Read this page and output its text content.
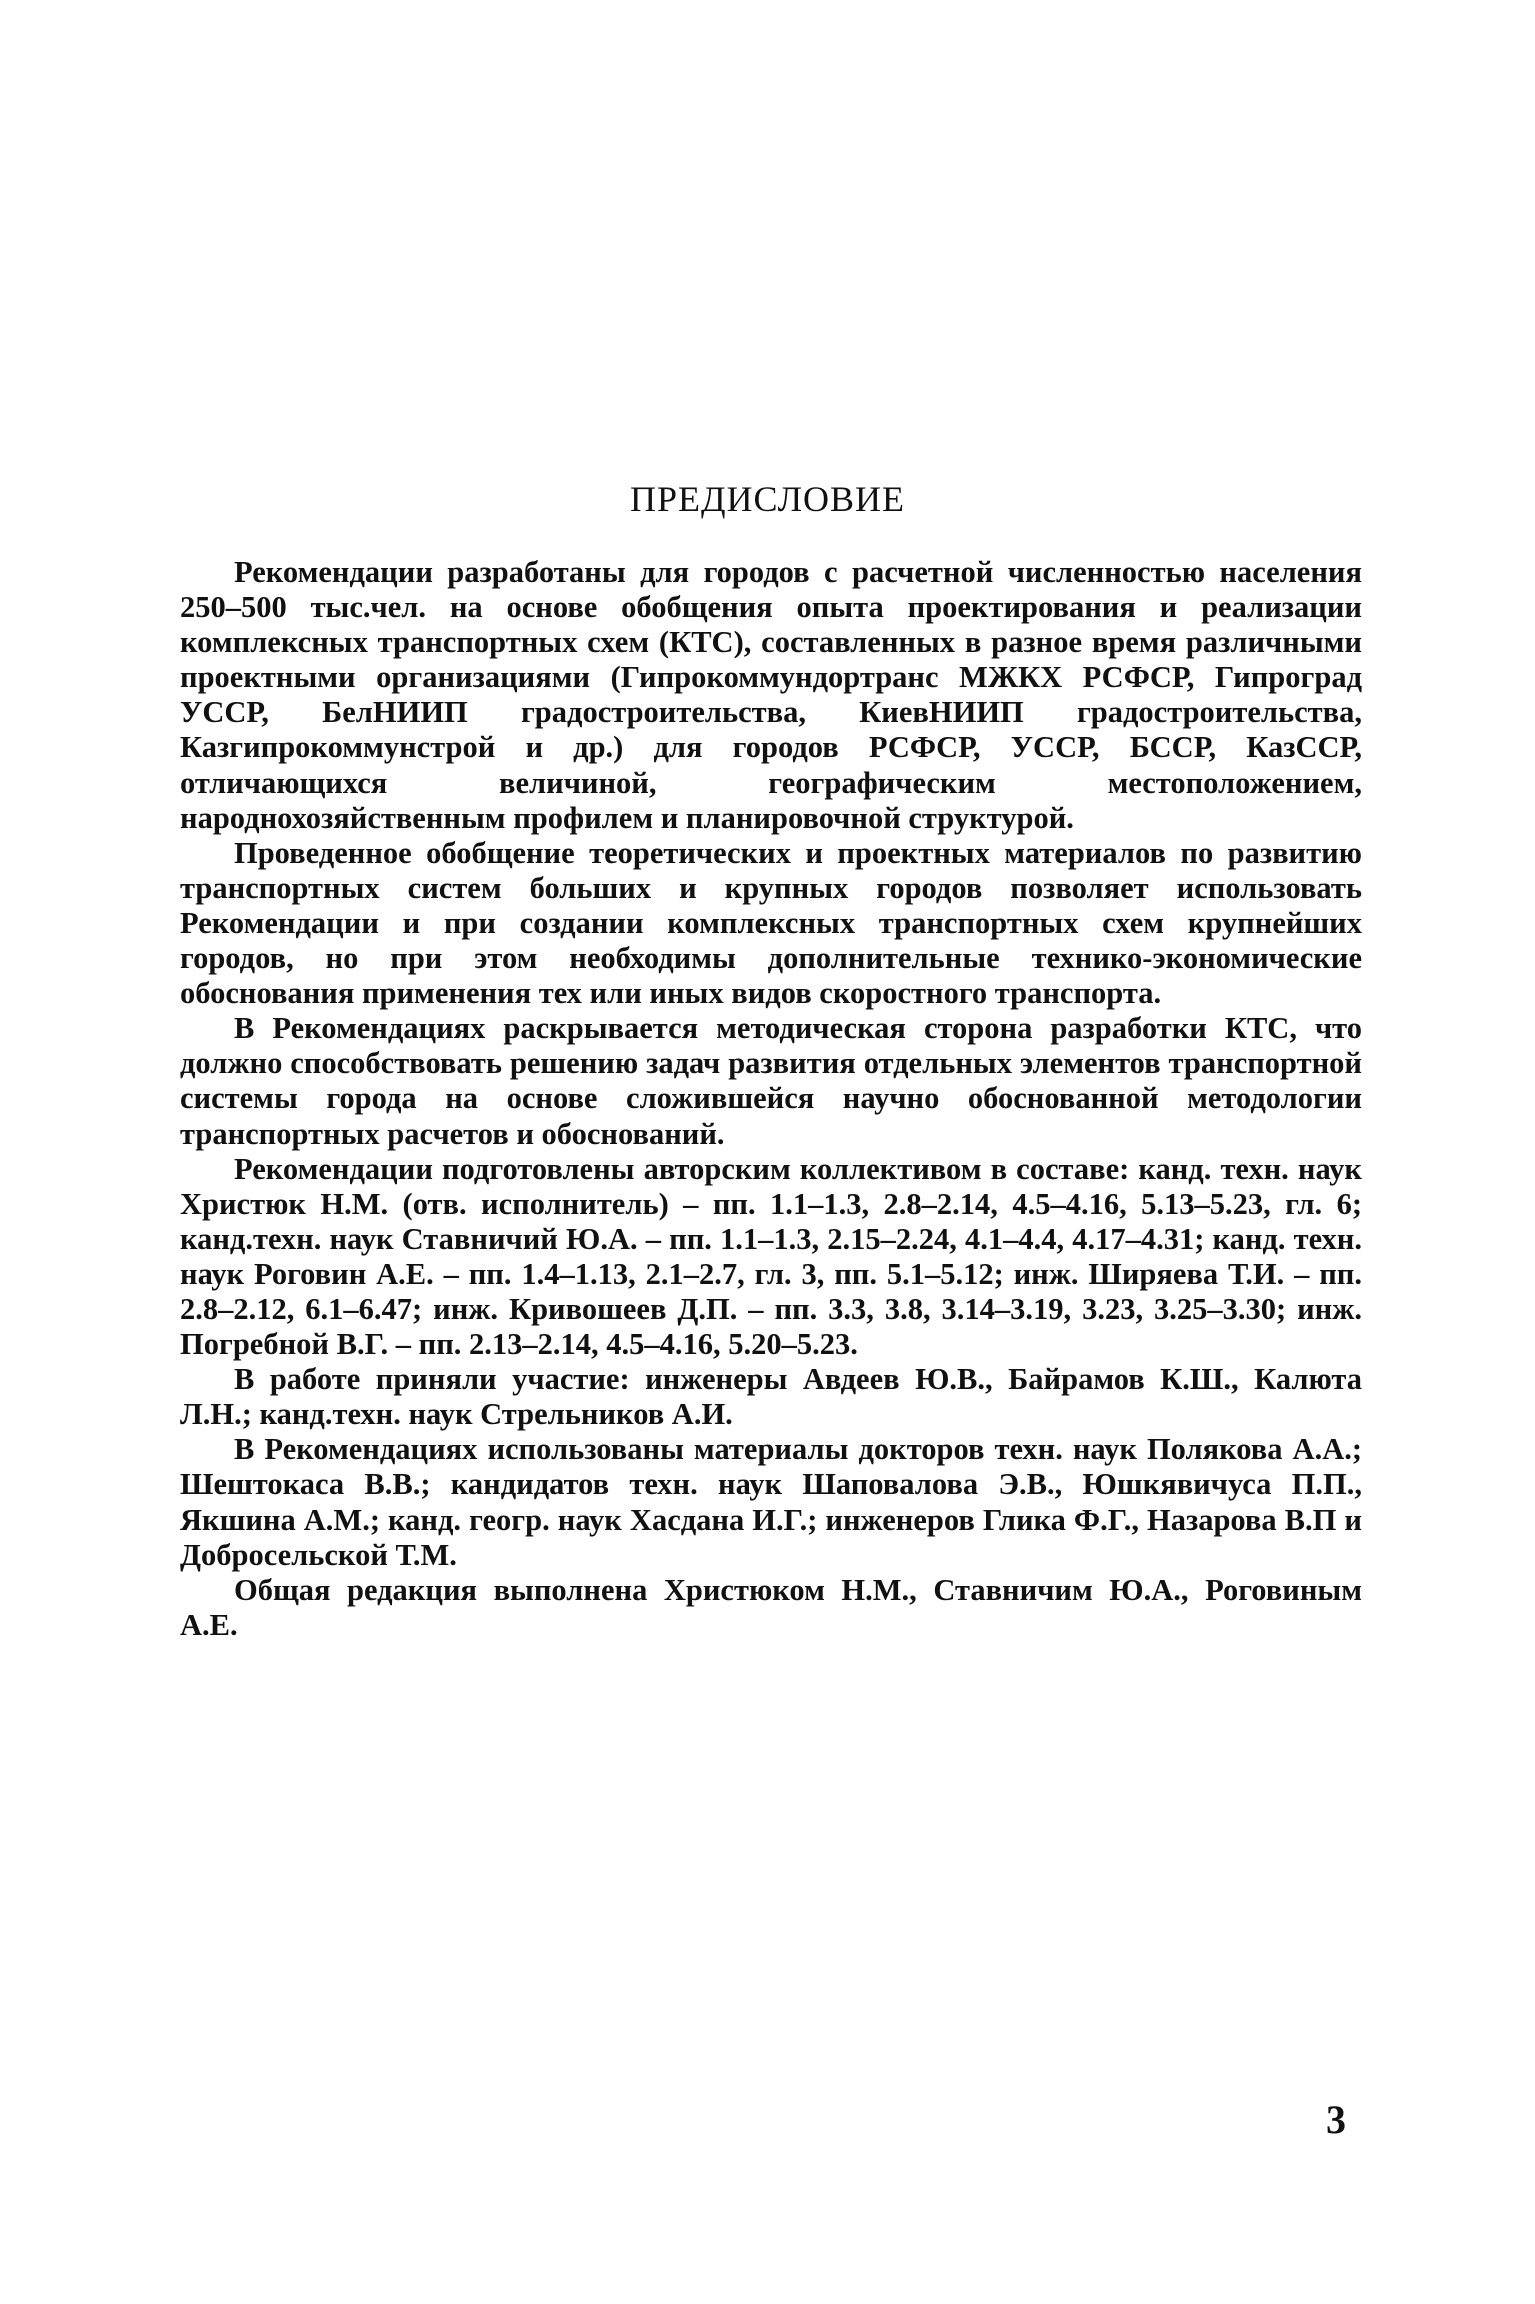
ПРЕДИСЛОВИЕ

Рекомендации разработаны для городов с расчетной численностью населения 250–500 тыс.чел. на основе обобщения опыта проектирования и реализации комплексных транспортных схем (КТС), составленных в разное время различными проектными организациями (Гипрокоммундортранс МЖКХ РСФСР, Гипроград УССР, БелНИИП градостроительства, КиевНИИП градостроительства, Казгипрокоммунстрой и др.) для городов РСФСР, УССР, БССР, КазССР, отличающихся величиной, географическим местоположением, народнохозяйственным профилем и планировочной структурой.

Проведенное обобщение теоретических и проектных материалов по развитию транспортных систем больших и крупных городов позволяет использовать Рекомендации и при создании комплексных транспортных схем крупнейших городов, но при этом необходимы дополнительные технико-экономические обоснования применения тех или иных видов скоростного транспорта.

В Рекомендациях раскрывается методическая сторона разработки КТС, что должно способствовать решению задач развития отдельных элементов транспортной системы города на основе сложившейся научно обоснованной методологии транспортных расчетов и обоснований.

Рекомендации подготовлены авторским коллективом в составе: канд. техн. наук Христюк Н.М. (отв. исполнитель) – пп. 1.1–1.3, 2.8–2.14, 4.5–4.16, 5.13–5.23, гл. 6; канд.техн. наук Ставничий Ю.А. – пп. 1.1–1.3, 2.15–2.24, 4.1–4.4, 4.17–4.31; канд. техн. наук Роговин А.Е. – пп. 1.4–1.13, 2.1–2.7, гл. 3, пп. 5.1–5.12; инж. Ширяева Т.И. – пп. 2.8–2.12, 6.1–6.47; инж. Кривошеев Д.П. – пп. 3.3, 3.8, 3.14–3.19, 3.23, 3.25–3.30; инж. Погребной В.Г. – пп. 2.13–2.14, 4.5–4.16, 5.20–5.23.

В работе приняли участие: инженеры Авдеев Ю.В., Байрамов К.Ш., Калюта Л.Н.; канд.техн. наук Стрельников А.И.

В Рекомендациях использованы материалы докторов техн. наук Полякова А.А.; Шештокаса В.В.; кандидатов техн. наук Шаповалова Э.В., Юшкявичуса П.П., Якшина А.М.; канд. геогр. наук Хасдана И.Г.; инженеров Глика Ф.Г., Назарова В.П и Добросельской Т.М.

Общая редакция выполнена Христюком Н.М., Ставничим Ю.А., Роговиным А.Е.

3
